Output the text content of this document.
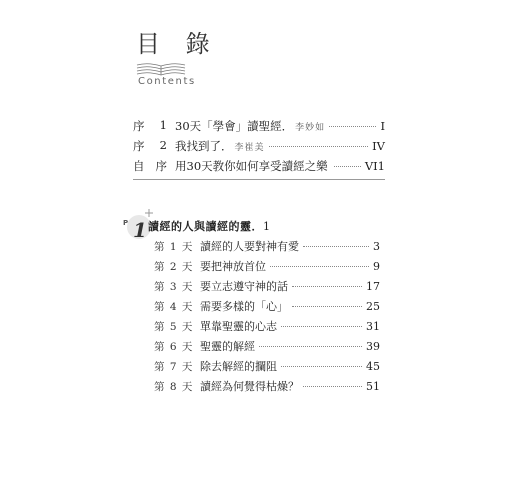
目 錄
Contents
序 1 30天「學會」讀聖經． 李妙如	I
序 2 我找到了． 李崔美	IV
自 序 用30天教你如何享受讀經之樂	VI1
P 1 讀經的人與讀經的靈．1
第 1 天 讀經的人要對神有愛	3
第 2 天 要把神放首位	9
第 3 天 要立志遵守神的話	17
第 4 天 需要多樣的「心」	25
第 5 天 單靠聖靈的心志	31
第 6 天 聖靈的解經	39
第 7 天 除去解經的攔阻	45
第 8 天 讀經為何覺得枯燥？	51
